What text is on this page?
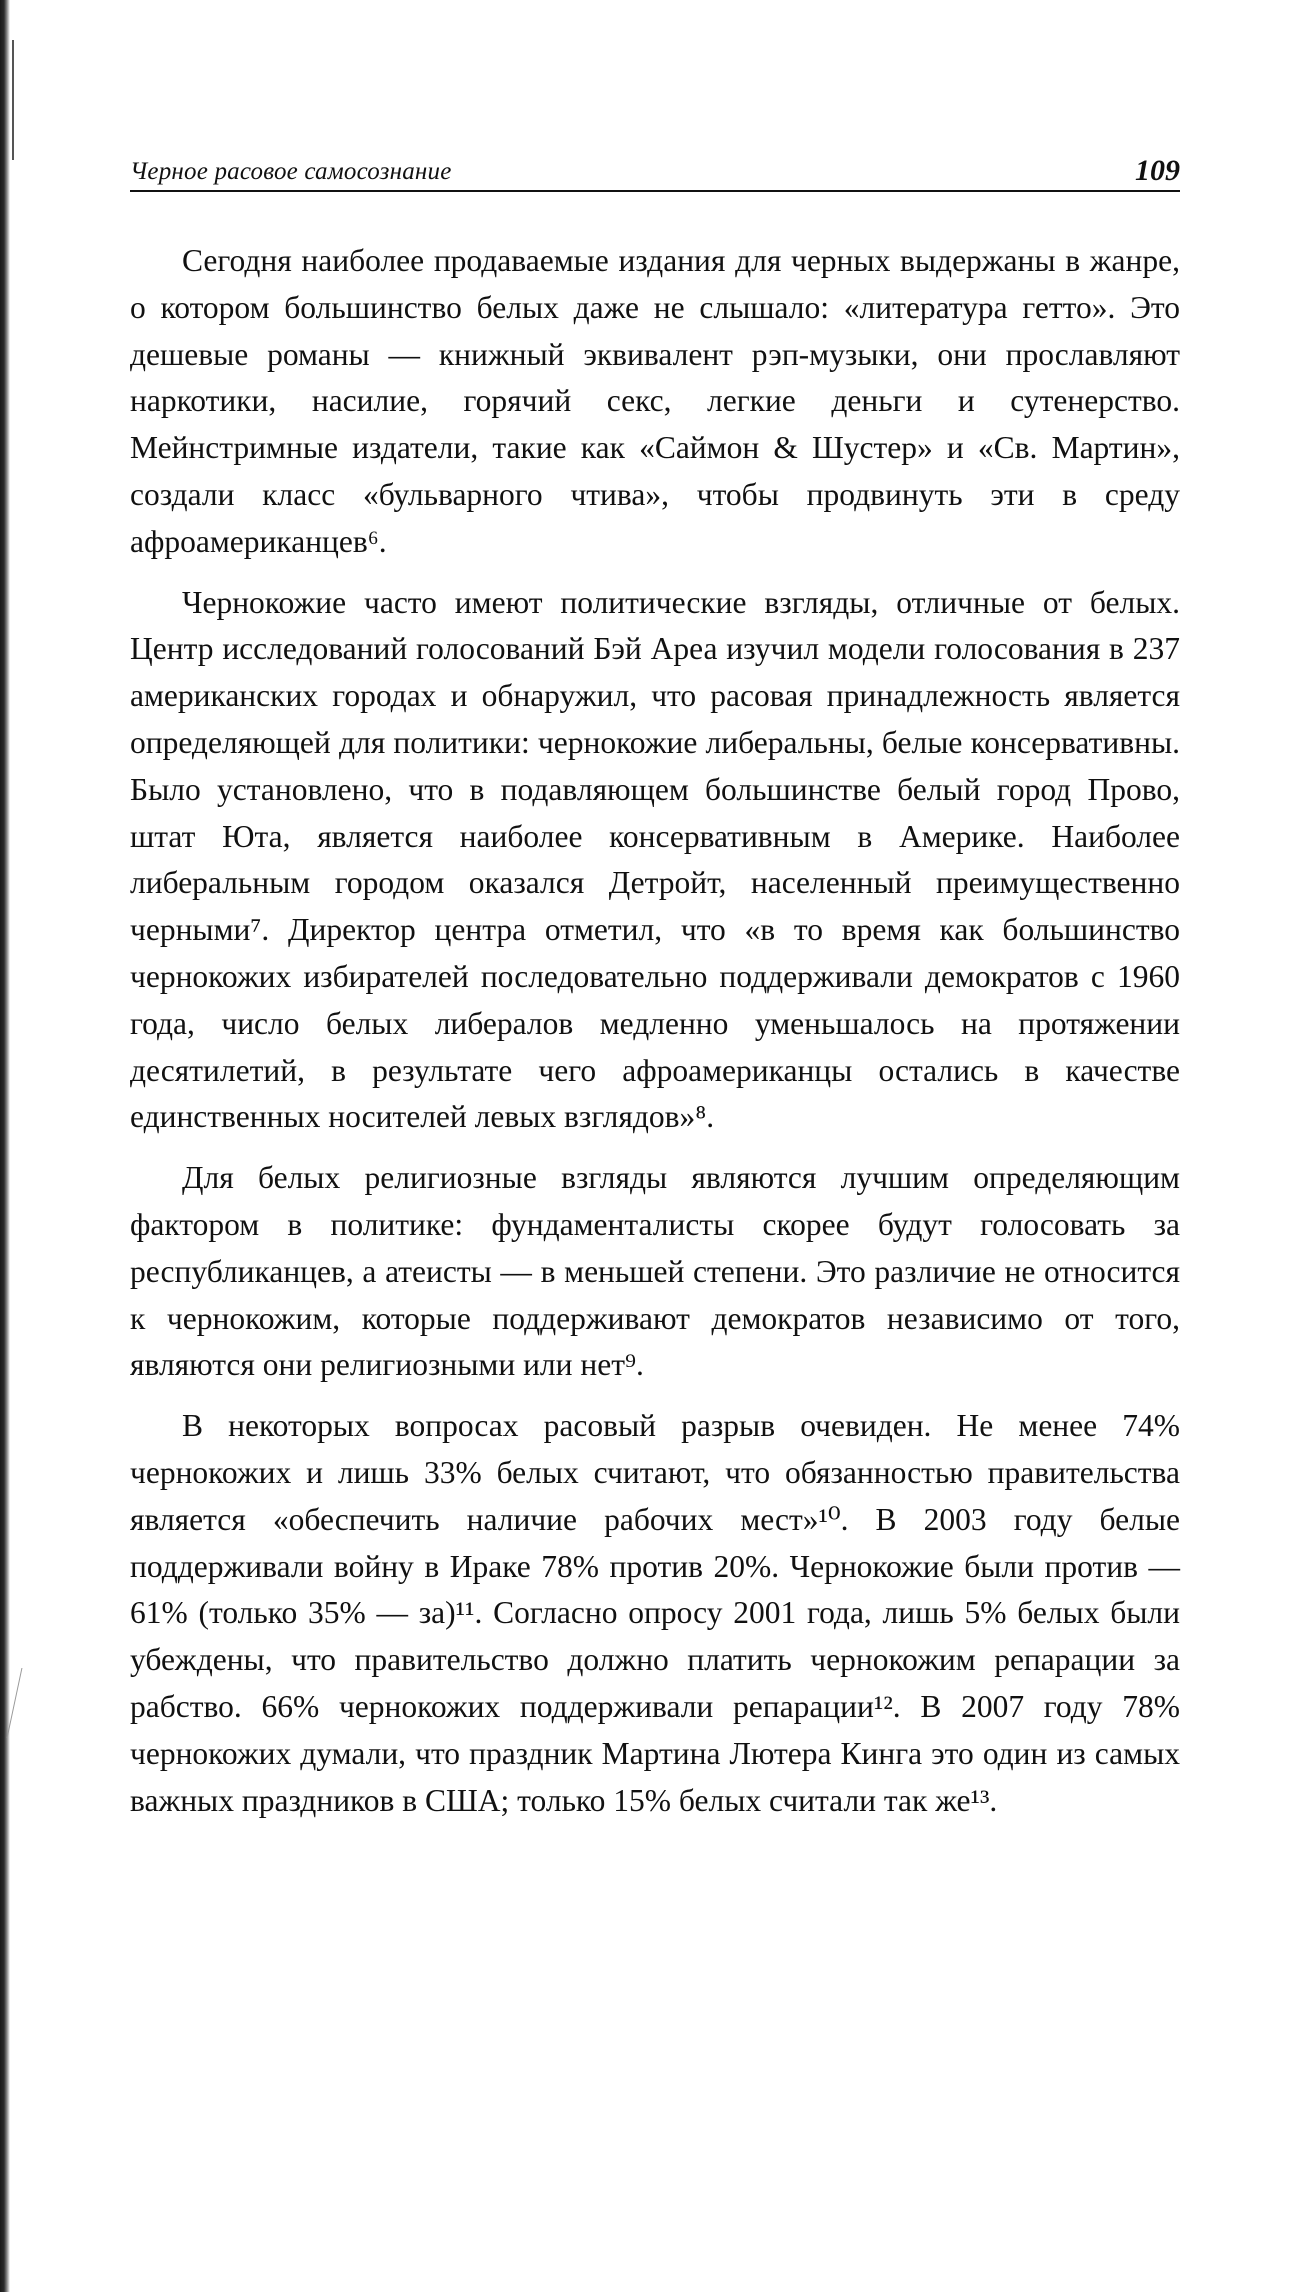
Черное расовое самосознание	109

Сегодня наиболее продаваемые издания для черных выдержаны в жанре, о котором большинство белых даже не слышало: «литература гетто». Это дешевые романы — книжный эквивалент рэп-музыки, они прославляют наркотики, насилие, горячий секс, легкие деньги и сутенерство. Мейнстримные издатели, такие как «Саймон & Шустер» и «Св. Мартин», создали класс «бульварного чтива», чтобы продвинуть эти в среду афроамериканцев⁶.

Чернокожие часто имеют политические взгляды, отличные от белых. Центр исследований голосований Бэй Ареа изучил модели голосования в 237 американских городах и обнаружил, что расовая принадлежность является определяющей для политики: чернокожие либеральны, белые консервативны. Было установлено, что в подавляющем большинстве белый город Прово, штат Юта, является наиболее консервативным в Америке. Наиболее либеральным городом оказался Детройт, населенный преимущественно черными⁷. Директор центра отметил, что «в то время как большинство чернокожих избирателей последовательно поддерживали демократов с 1960 года, число белых либералов медленно уменьшалось на протяжении десятилетий, в результате чего афроамериканцы остались в качестве единственных носителей левых взглядов»⁸.

Для белых религиозные взгляды являются лучшим определяющим фактором в политике: фундаменталисты скорее будут голосовать за республиканцев, а атеисты — в меньшей степени. Это различие не относится к чернокожим, которые поддерживают демократов независимо от того, являются они религиозными или нет⁹.

В некоторых вопросах расовый разрыв очевиден. Не менее 74% чернокожих и лишь 33% белых считают, что обязанностью правительства является «обеспечить наличие рабочих мест»¹⁰. В 2003 году белые поддерживали войну в Ираке 78% против 20%. Чернокожие были против — 61% (только 35% — за)¹¹. Согласно опросу 2001 года, лишь 5% белых были убеждены, что правительство должно платить чернокожим репарации за рабство. 66% чернокожих поддерживали репарации¹². В 2007 году 78% чернокожих думали, что праздник Мартина Лютера Кинга это один из самых важных праздников в США; только 15% белых считали так же¹³.
